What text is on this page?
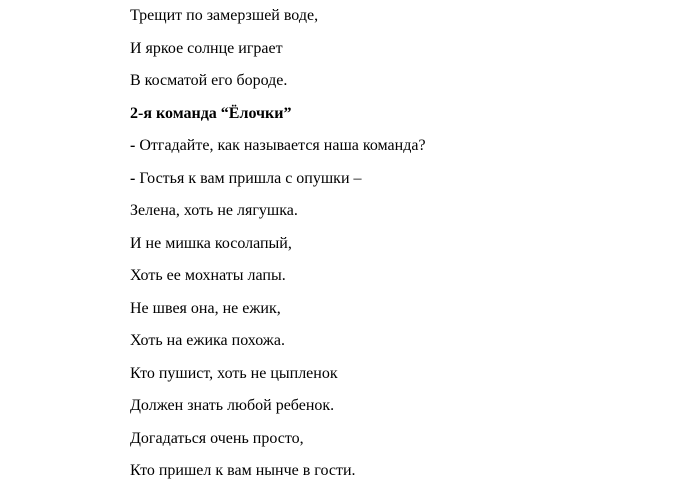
Трещит по замерзшей воде,
И яркое солнце играет
В косматой его бороде.
2-я команда “Ёлочки”
- Отгадайте, как называется наша команда?
- Гостья к вам пришла с опушки –
Зелена, хоть не лягушка.
И не мишка косолапый,
Хоть ее мохнаты лапы.
Не швея она, не ежик,
Хоть на ежика похожа.
Кто пушист, хоть не цыпленок
Должен знать любой ребенок.
Догадаться очень просто,
Кто пришел к вам нынче в гости.
